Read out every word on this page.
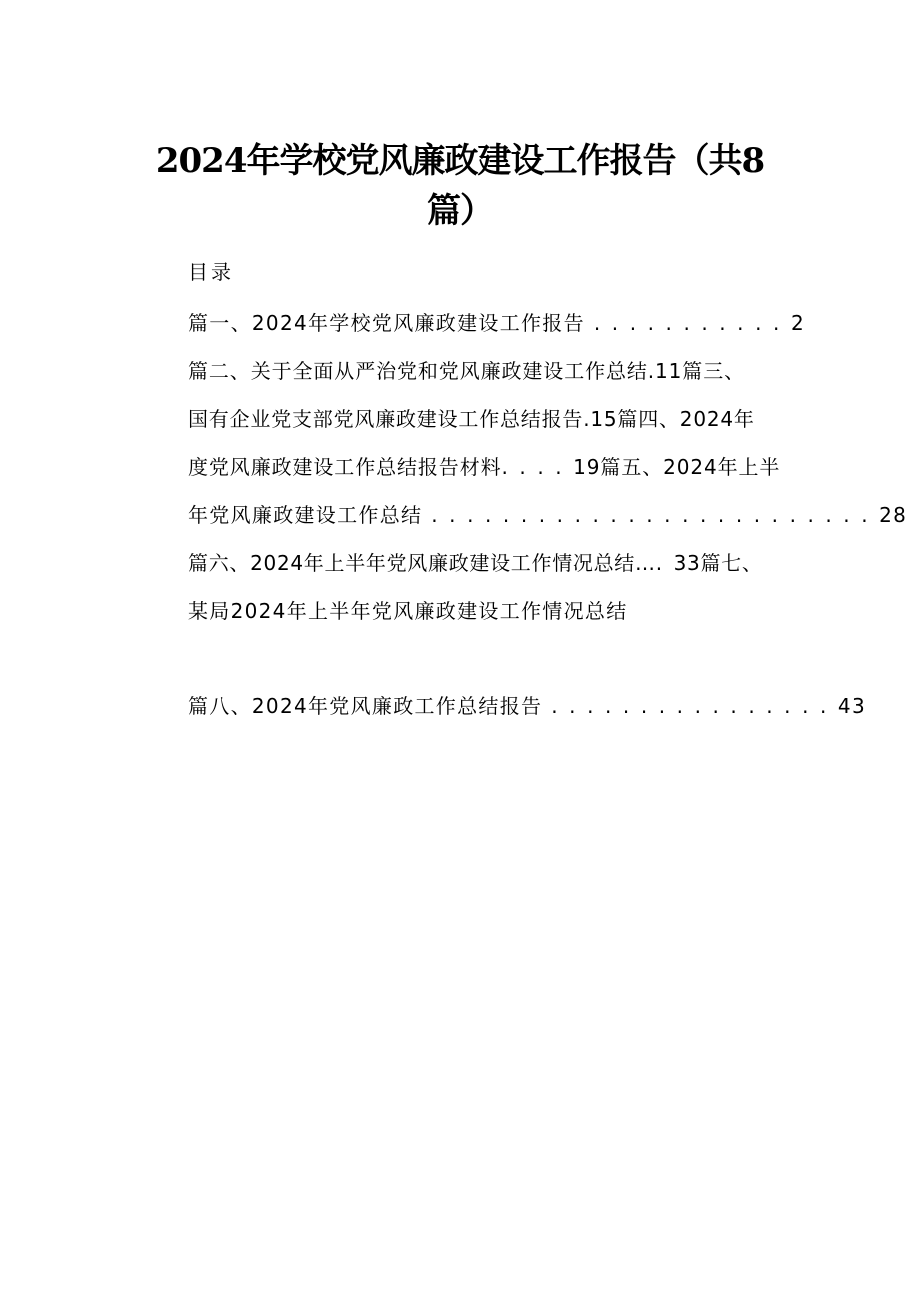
2024年学校党风廉政建设工作报告（共8
篇）
目录
篇一、2024年学校党风廉政建设工作报告 . . . . . . . . . . . 2
篇二、关于全面从严治党和党风廉政建设工作总结.11篇三、
国有企业党支部党风廉政建设工作总结报告.15篇四、2024年
度党风廉政建设工作总结报告材料. . . . 19篇五、2024年上半
年党风廉政建设工作总结 . . . . . . . . . . . . . . . . . . . . . . . . . 28
篇六、2024年上半年党风廉政建设工作情况总结…. 33篇七、
某局2024年上半年党风廉政建设工作情况总结
篇八、2024年党风廉政工作总结报告 . . . . . . . . . . . . . . . . 43
